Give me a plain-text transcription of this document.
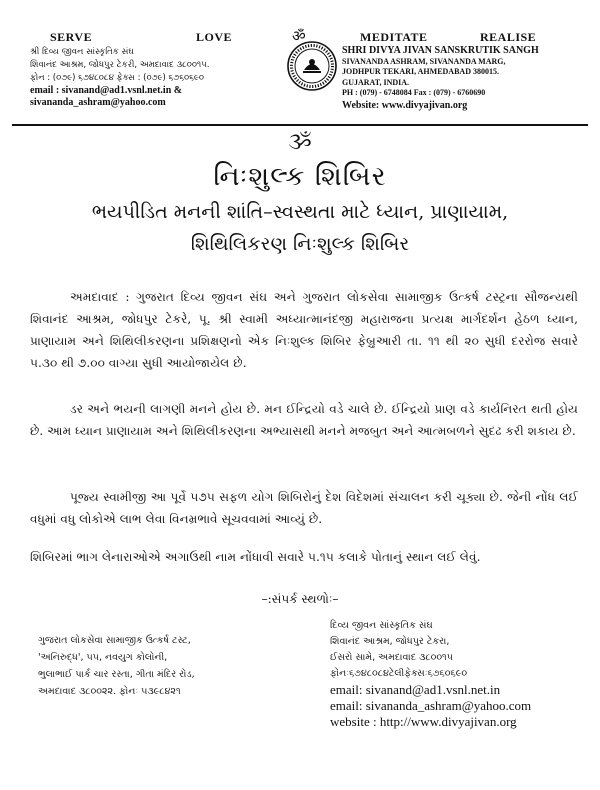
SERVE	LOVE	ॐ	MEDITATE	REALISE
શ્રી દિવ્ય જીવન સાંસ્કૃતિક સંઘ
શિવાનંદ આશ્રમ, જોધપુર ટેકરી, અમદાવાદ ૩૮૦૦૧૫.
ફોન : (૦૭૯) ૬૭૪૮૦૮૪ ફેક્સ : (૦૭૯) ૬૭૬૦૬૯૦
email : sivanand@ad1.vsnl.net.in &
sivananda_ashram@yahoo.com
SHRI DIVYA JIVAN SANSKRUTIK SANGH
SIVANANDA ASHRAM, SIVANANDA MARG,
JODHPUR TEKARI, AHMEDABAD 380015.
GUJARAT, INDIA.
PH : (079) - 6748084 Fax : (079) - 6760690
Website: www.divyajivan.org
ૐ
નિઃશુલ્ક શિબિર
ભયપીડિત મનની શાંતિ–સ્વસ્થતા માટે ધ્યાન, પ્રાણાયામ,
શિથિલિકરણ નિઃશુલ્ક શિબિર
અમદાવાદ : ગુજરાત દિવ્ય જીવન સંઘ અને ગુજરાત લોકસેવા સામાજીક ઉત્કર્ષ ટસ્ટ્રના સૌજન્યથી શિવાનંદ આશ્રમ, જોધપુર ટેકરે, પૂ. શ્રી સ્વામી અધ્યાત્માનંદજી મહારાજના પ્રત્યક્ષ માર્ગદર્શન હેઠળ ધ્યાન, પ્રાણાયામ અને શિથિલીકરણના પ્રશિક્ષણનો એક નિઃશુલ્ક શિબિર ફેબ્રુઆરી તા. ૧૧ થી ૨૦ સુધી દરરોજ સવારે ૫.૩૦ થી ૭.૦૦ વાગ્યા સુધી આયોજાયેલ છે.
ડર અને ભયની લાગણી મનને હોય છે. મન ઈન્દ્રિયો વડે ચાલે છે. ઈન્દ્રિયો પ્રાણ વડે કાર્યનિરત થતી હોય છે. આમ ધ્યાન પ્રાણાયામ અને શિથિલીકરણના અભ્યાસથી મનને મજબુત અને આત્મબળને સુદઢ કરી શકાય છે.
પૂજ્ય સ્વામીજી આ પૂર્વે ૫૭૫ સફળ યોગ શિબિરોનું દેશ વિદેશમાં સંચાલન કરી ચૂક્યા છે. જેની નોંધ લઈ વધુમાં વધુ લોકોએ લાભ લેવા વિનમ્રભાવે સૂચવવામાં આવ્યું છે.
શિબિરમાં ભાગ લેનારાઓએ અગાઉથી નામ નોંધાવી સવારે ૫.૧૫ કલાકે પોતાનું સ્થાન લઈ લેવું.
–:સંપર્ક સ્થળોઃ–
ગુજરાત લોકસેવા સામાજીક ઉત્કર્ષ ટસ્ટ,
'અનિરુદ્ધ', ૫૫, નવયુગ કોલોની,
ભુલાભાઈ પાર્ક ચાર રસ્તા, ગીતા મંદિર રોડ,
અમદાવાદ ૩૮૦૦૨૨. ફોનઃ ૫૩૯૮૪૨૧
દિવ્ય જીવન સાંસ્કૃતિક સંઘ
શિવાનંદ આશ્રમ, જોધપુર ટેકરા,
ઈસરો સામે, અમદાવાદ ૩૮૦૦૧૫
ફોનઃ૬૭૪૮૦૮૪ટેલીફેક્સઃ૬૭૬૦૬૯૦
email: sivanand@ad1.vsnl.net.in
email: sivananda_ashram@yahoo.com
website : http://www.divyajivan.org
